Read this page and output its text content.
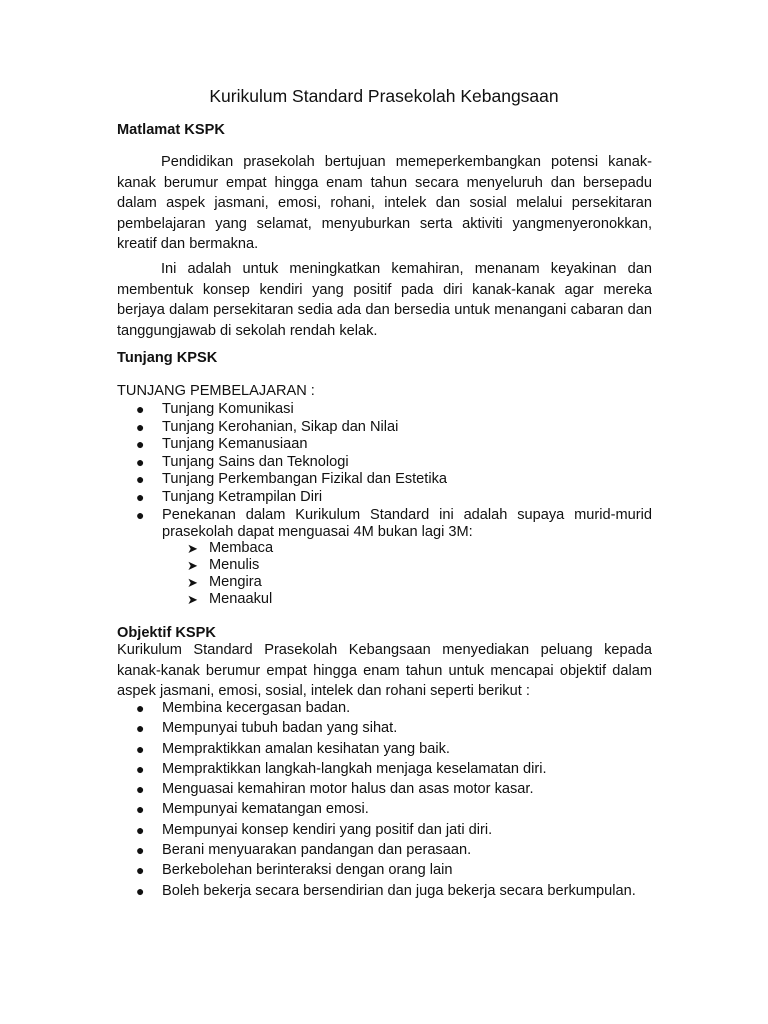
Kurikulum Standard Prasekolah Kebangsaan
Matlamat KSPK

Pendidikan prasekolah bertujuan memeperkembangkan potensi kanak-kanak berumur empat hingga enam tahun secara menyeluruh dan bersepadu dalam aspek jasmani, emosi, rohani, intelek dan sosial melalui persekitaran pembelajaran yang selamat, menyuburkan serta aktiviti yangmenyeronokkan, kreatif dan bermakna.

Ini adalah untuk meningkatkan kemahiran, menanam keyakinan dan membentuk konsep kendiri yang positif pada diri kanak-kanak agar mereka berjaya dalam persekitaran sedia ada dan bersedia untuk menangani cabaran dan tanggungjawab di sekolah rendah kelak.

Tunjang KPSK

TUNJANG PEMBELAJARAN :

● Tunjang Komunikasi
● Tunjang Kerohanian, Sikap dan Nilai
● Tunjang Kemanusiaan
● Tunjang Sains dan Teknologi
● Tunjang Perkembangan Fizikal dan Estetika
● Tunjang Ketrampilan Diri
● Penekanan dalam Kurikulum Standard ini adalah supaya murid-murid prasekolah dapat menguasai 4M bukan lagi 3M:
➤ Membaca
➤ Menulis
➤ Mengira
➤ Menaakul
Objektif KSPK

Kurikulum Standard Prasekolah Kebangsaan menyediakan peluang kepada kanak-kanak berumur empat hingga enam tahun untuk mencapai objektif dalam aspek jasmani, emosi, sosial, intelek dan rohani seperti berikut :

● Membina kecergasan badan.
● Mempunyai tubuh badan yang sihat.
● Mempraktikkan amalan kesihatan yang baik.
● Mempraktikkan langkah-langkah menjaga keselamatan diri.
● Menguasai kemahiran motor halus dan asas motor kasar.
● Mempunyai kematangan emosi.
● Mempunyai konsep kendiri yang positif dan jati diri.
● Berani menyuarakan pandangan dan perasaan.
● Berkebolehan berinteraksi dengan orang lain
● Boleh bekerja secara bersendirian dan juga bekerja secara berkumpulan.
